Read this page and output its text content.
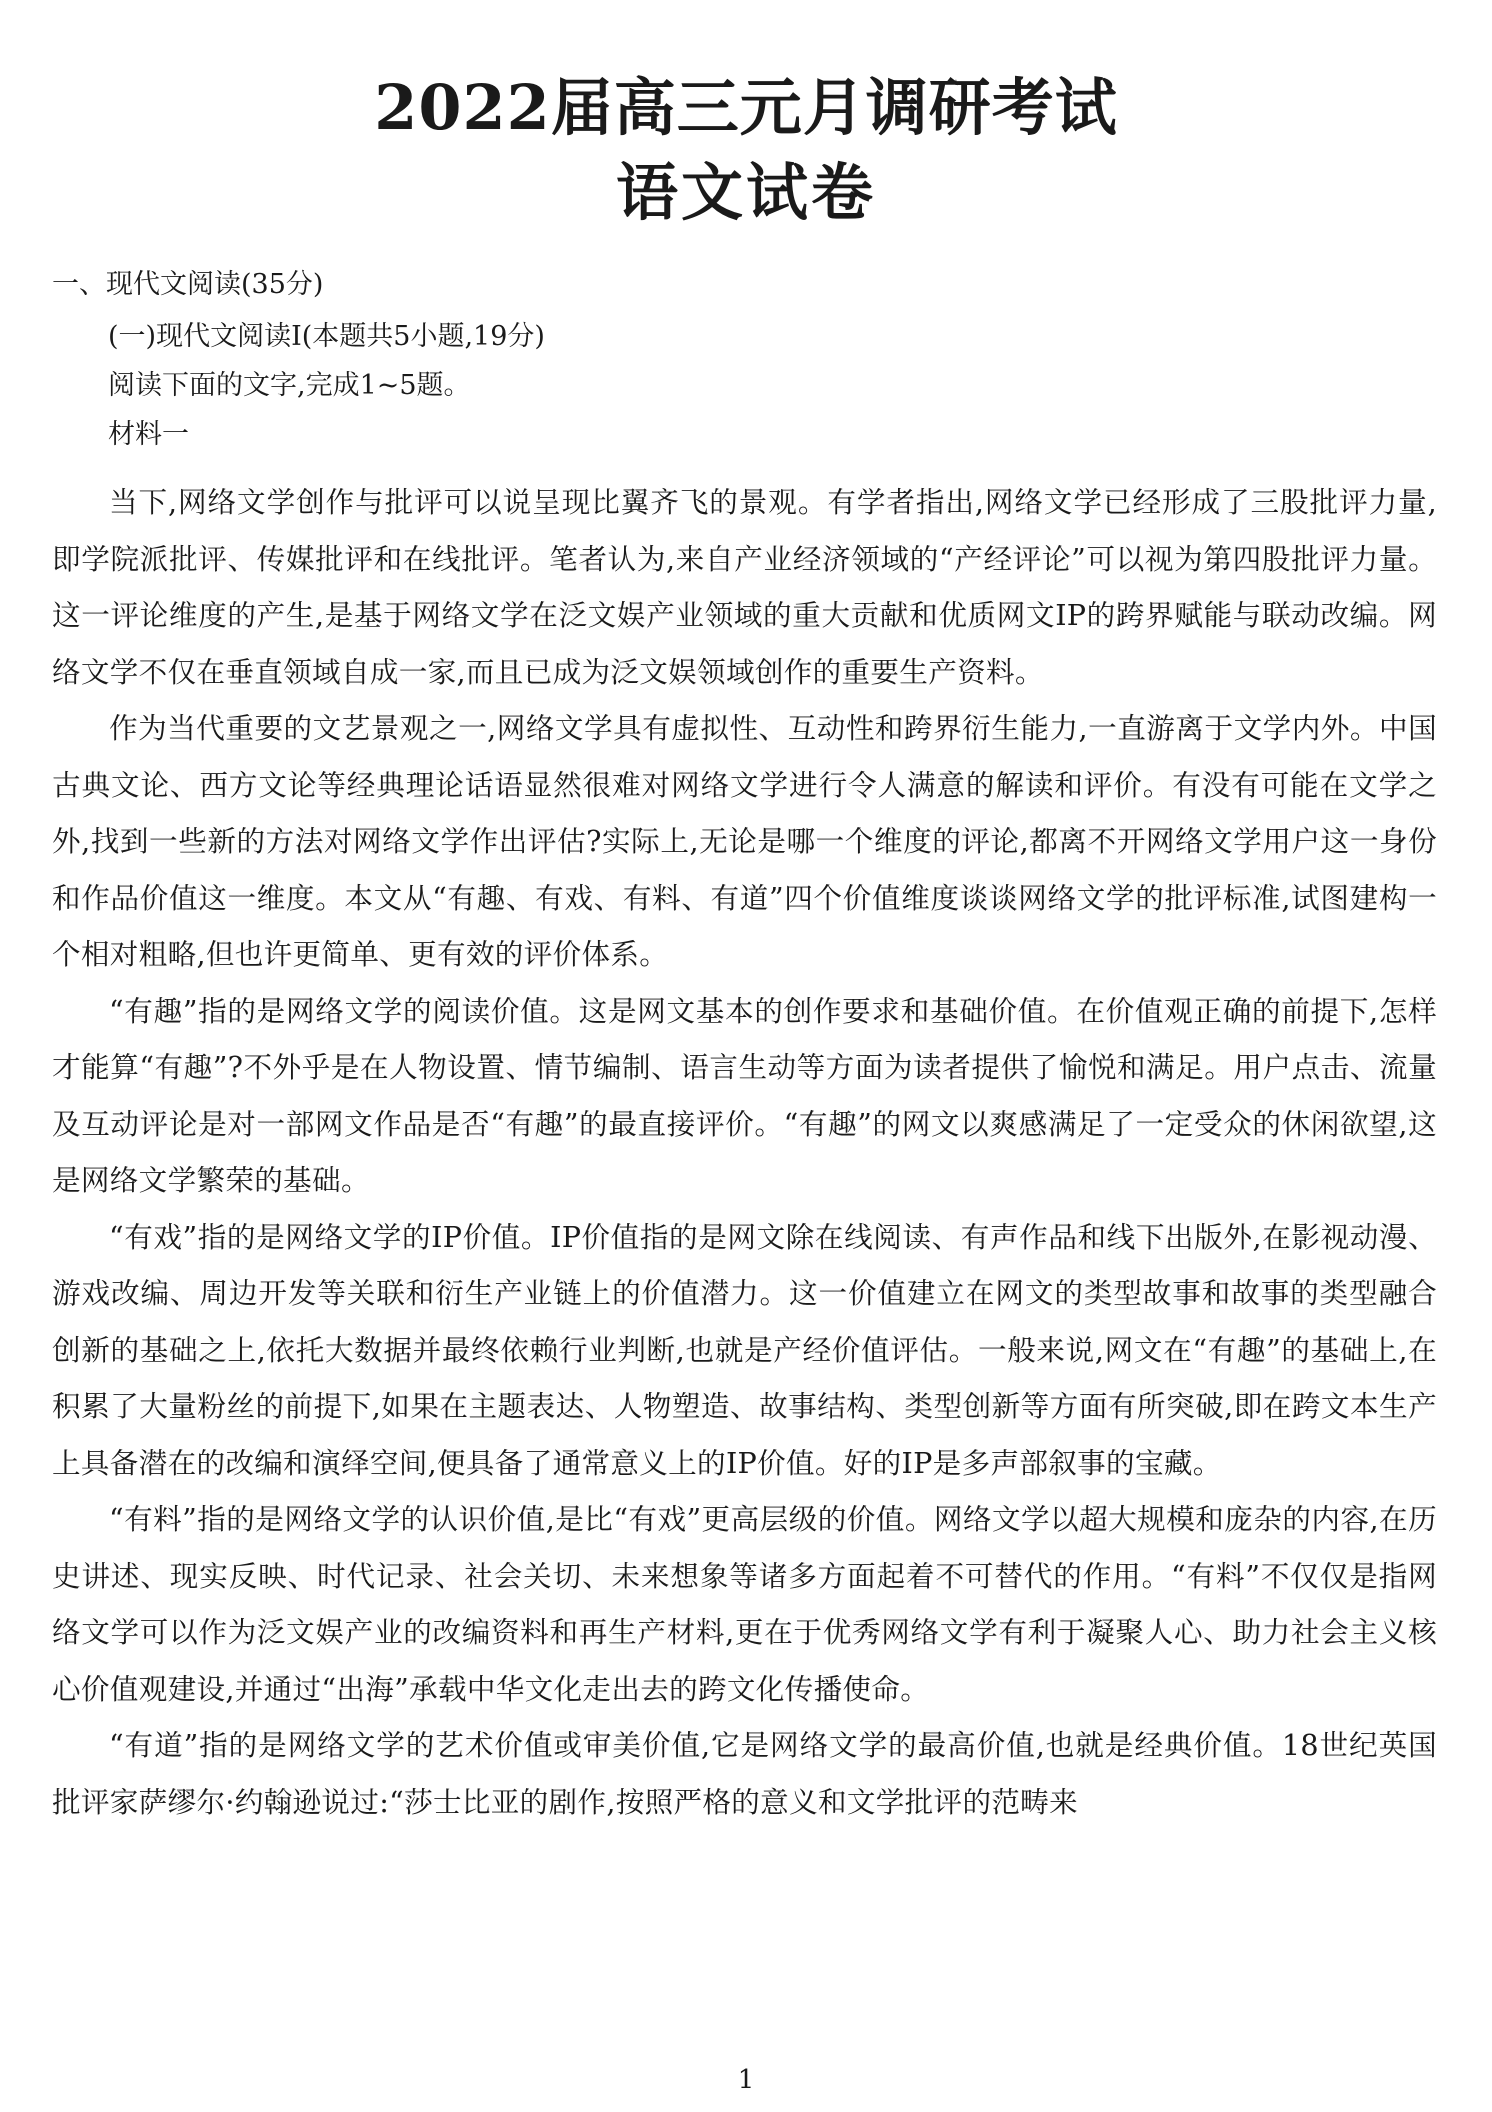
2022届高三元月调研考试
语文试卷
一、现代文阅读(35分)
(一)现代文阅读Ⅰ(本题共5小题,19分)
阅读下面的文字,完成1~5题。
材料一

当下,网络文学创作与批评可以说呈现比翼齐飞的景观。有学者指出,网络文学已经形成了三股批评力量,即学院派批评、传媒批评和在线批评。笔者认为,来自产业经济领域的“产经评论”可以视为第四股批评力量。这一评论维度的产生,是基于网络文学在泛文娱产业领域的重大贡献和优质网文IP的跨界赋能与联动改编。网络文学不仅在垂直领域自成一家,而且已成为泛文娱领域创作的重要生产资料。

作为当代重要的文艺景观之一,网络文学具有虚拟性、互动性和跨界衍生能力,一直游离于文学内外。中国古典文论、西方文论等经典理论话语显然很难对网络文学进行令人满意的解读和评价。有没有可能在文学之外,找到一些新的方法对网络文学作出评估?实际上,无论是哪一个维度的评论,都离不开网络文学用户这一身份和作品价值这一维度。本文从“有趣、有戏、有料、有道”四个价值维度谈谈网络文学的批评标准,试图建构一个相对粗略,但也许更简单、更有效的评价体系。

“有趣”指的是网络文学的阅读价值。这是网文基本的创作要求和基础价值。在价值观正确的前提下,怎样才能算“有趣”?不外乎是在人物设置、情节编制、语言生动等方面为读者提供了愉悦和满足。用户点击、流量及互动评论是对一部网文作品是否“有趣”的最直接评价。“有趣”的网文以爽感满足了一定受众的休闲欲望,这是网络文学繁荣的基础。

“有戏”指的是网络文学的IP价值。IP价值指的是网文除在线阅读、有声作品和线下出版外,在影视动漫、游戏改编、周边开发等关联和衍生产业链上的价值潜力。这一价值建立在网文的类型故事和故事的类型融合创新的基础之上,依托大数据并最终依赖行业判断,也就是产经价值评估。一般来说,网文在“有趣”的基础上,在积累了大量粉丝的前提下,如果在主题表达、人物塑造、故事结构、类型创新等方面有所突破,即在跨文本生产上具备潜在的改编和演绎空间,便具备了通常意义上的IP价值。好的IP是多声部叙事的宝藏。

“有料”指的是网络文学的认识价值,是比“有戏”更高层级的价值。网络文学以超大规模和庞杂的内容,在历史讲述、现实反映、时代记录、社会关切、未来想象等诸多方面起着不可替代的作用。“有料”不仅仅是指网络文学可以作为泛文娱产业的改编资料和再生产材料,更在于优秀网络文学有利于凝聚人心、助力社会主义核心价值观建设,并通过“出海”承载中华文化走出去的跨文化传播使命。

“有道”指的是网络文学的艺术价值或审美价值,它是网络文学的最高价值,也就是经典价值。18世纪英国批评家萨缪尔·约翰逊说过:“莎士比亚的剧作,按照严格的意义和文学批评的范畴来

1
